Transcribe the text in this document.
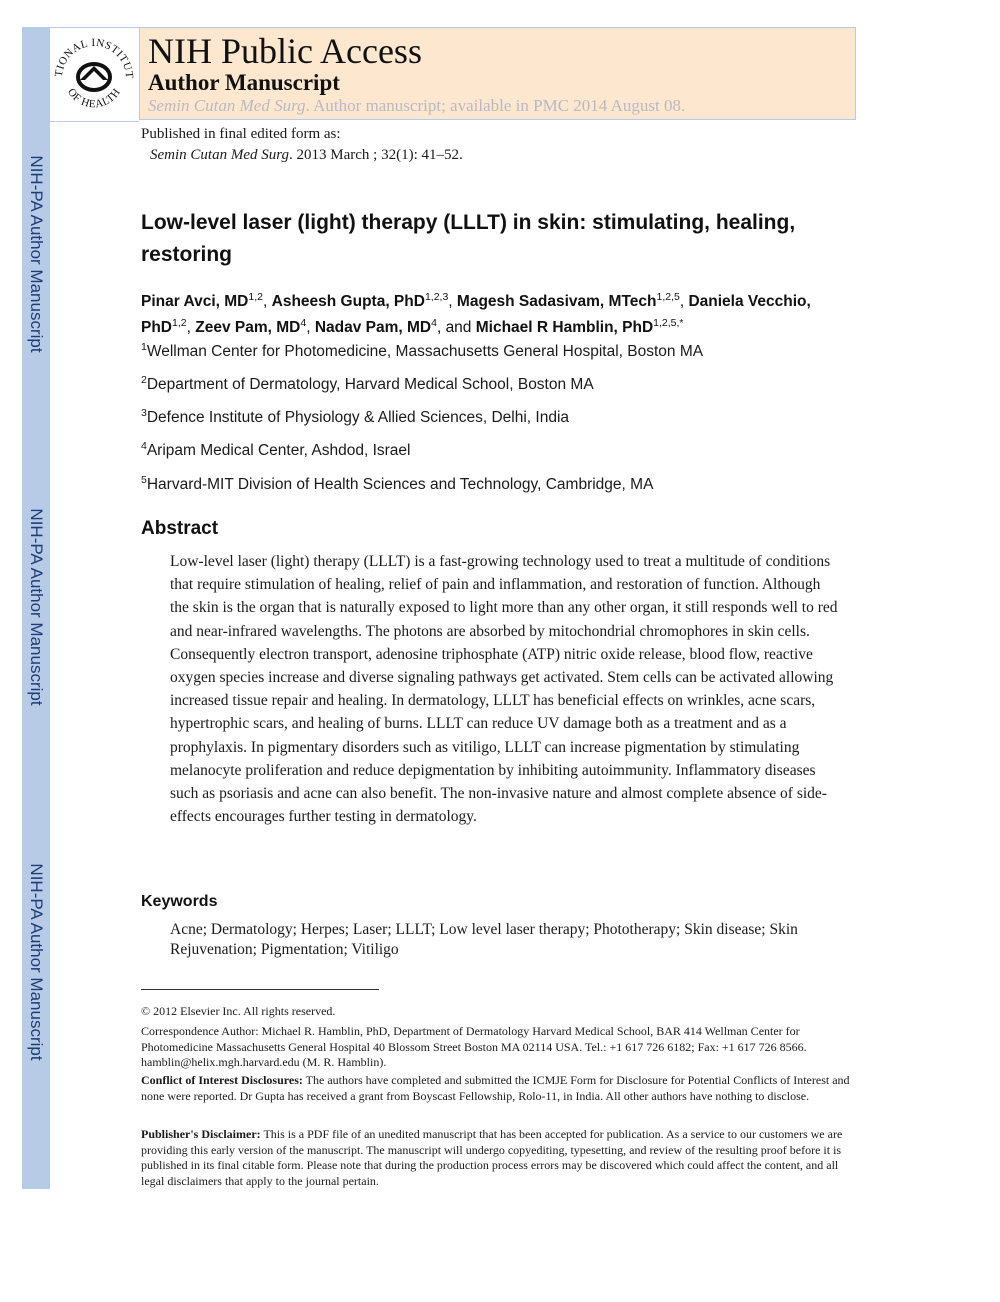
NIH-PA Author Manuscript
NIH-PA Author Manuscript
NIH-PA Author Manuscript
TIONAL INSTITUT
OF HEALTH
NIH Public Access
Author Manuscript
Semin Cutan Med Surg. Author manuscript; available in PMC 2014 August 08.
Published in final edited form as:
Semin Cutan Med Surg. 2013 March ; 32(1): 41–52.
Low-level laser (light) therapy (LLLT) in skin: stimulating, healing, restoring
Pinar Avci, MD$^{1,2}$, Asheesh Gupta, PhD$^{1,2,3}$, Magesh Sadasivam, MTech$^{1,2,5}$, Daniela Vecchio, PhD$^{1,2}$, Zeev Pam, $MD^4$, Nadav Pam, $MD^4$, and Michael R Hamblin, PhD$^{1,2,5,*}$
$^1$Wellman Center for Photomedicine, Massachusetts General Hospital, Boston MA
$^2$Department of Dermatology, Harvard Medical School, Boston MA
$^3$Defence Institute of Physiology & Allied Sciences, Delhi, India
$^4$Aripam Medical Center, Ashdod, Israel
$^5$Harvard-MIT Division of Health Sciences and Technology, Cambridge, MA
Abstract

Low-level laser (light) therapy (LLLT) is a fast-growing technology used to treat a multitude of conditions that require stimulation of healing, relief of pain and inflammation, and restoration of function. Although the skin is the organ that is naturally exposed to light more than any other organ, it still responds well to red and near-infrared wavelengths. The photons are absorbed by mitochondrial chromophores in skin cells. Consequently electron transport, adenosine triphosphate (ATP) nitric oxide release, blood flow, reactive oxygen species increase and diverse signaling pathways get activated. Stem cells can be activated allowing increased tissue repair and healing. In dermatology, LLLT has beneficial effects on wrinkles, acne scars, hypertrophic scars, and healing of burns. LLLT can reduce UV damage both as a treatment and as a prophylaxis. In pigmentary disorders such as vitiligo, LLLT can increase pigmentation by stimulating melanocyte proliferation and reduce depigmentation by inhibiting autoimmunity. Inflammatory diseases such as psoriasis and acne can also benefit. The non-invasive nature and almost complete absence of side-effects encourages further testing in dermatology.

Keywords

Acne; Dermatology; Herpes; Laser; LLLT; Low level laser therapy; Phototherapy; Skin disease; Skin Rejuvenation; Pigmentation; Vitiligo

© 2012 Elsevier Inc. All rights reserved.

Correspondence Author: Michael R. Hamblin, PhD, Department of Dermatology Harvard Medical School, BAR 414 Wellman Center for Photomedicine Massachusetts General Hospital 40 Blossom Street Boston MA 02114 USA. Tel.: +1 617 726 6182; Fax: +1 617 726 8566. hamblin@helix.mgh.harvard.edu (M. R. Hamblin).

Conflict of Interest Disclosures: The authors have completed and submitted the ICMJE Form for Disclosure for Potential Conflicts of Interest and none were reported. Dr Gupta has received a grant from Boyscast Fellowship, Rolo-11, in India. All other authors have nothing to disclose.

Publisher's Disclaimer: This is a PDF file of an unedited manuscript that has been accepted for publication. As a service to our customers we are providing this early version of the manuscript. The manuscript will undergo copyediting, typesetting, and review of the resulting proof before it is published in its final citable form. Please note that during the production process errors may be discovered which could affect the content, and all legal disclaimers that apply to the journal pertain.
